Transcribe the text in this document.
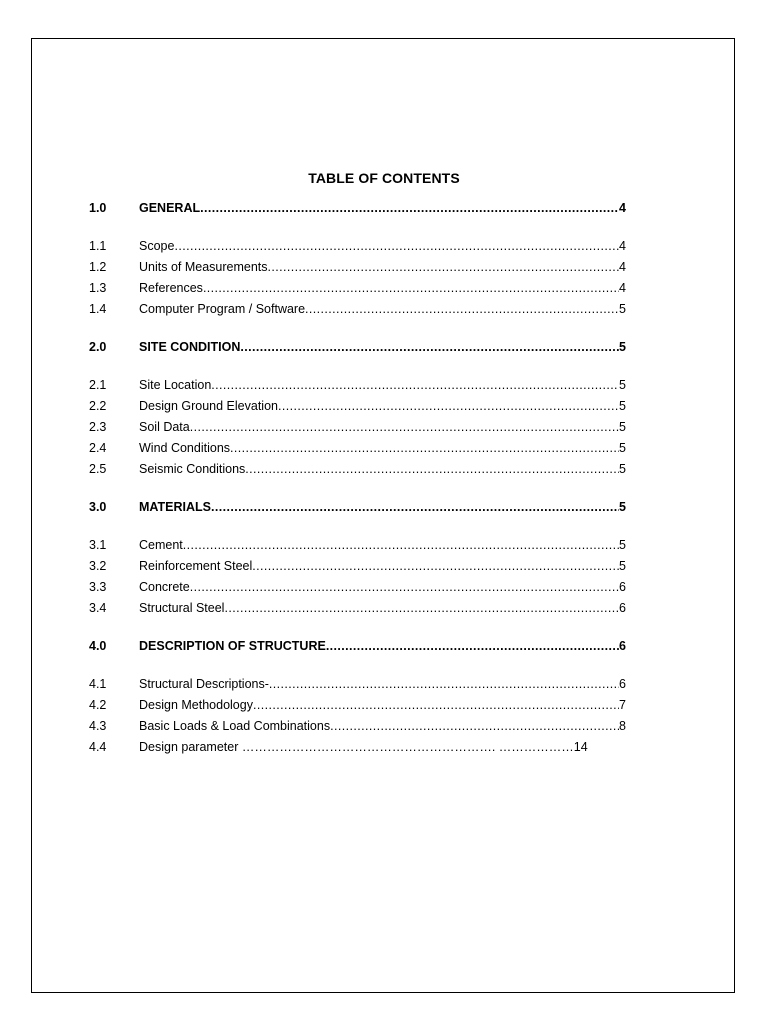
TABLE OF CONTENTS
1.0	GENERAL .....	4
1.1	Scope .....	4
1.2	Units of Measurements .....	4
1.3	References .....	4
1.4	Computer Program / Software .....	5
2.0	SITE CONDITION .....	5
2.1	Site Location .....	5
2.2	Design Ground Elevation .....	5
2.3	Soil Data .....	5
2.4	Wind Conditions .....	5
2.5	Seismic Conditions .....	5
3.0	MATERIALS .....	5
3.1	Cement .....	5
3.2	Reinforcement Steel .....	5
3.3	Concrete .....	6
3.4	Structural Steel .....	6
4.0	DESCRIPTION OF STRUCTURE .....	6
4.1	Structural Descriptions- .....	6
4.2	Design Methodology .....	7
4.3	Basic Loads & Load Combinations .....	8
4.4	Design parameter ……………………………………………………. ………………14
